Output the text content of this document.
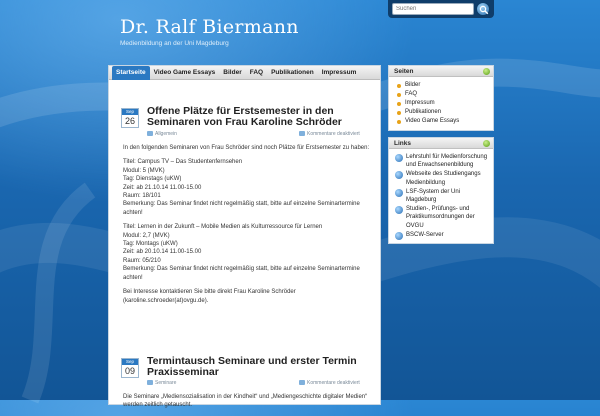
Dr. Ralf Biermann
Medienbildung an der Uni Magdeburg
Suchen
Startseite	Video Game Essays	Bilder	FAQ	Publikationen	Impressum
Sep
26
Offene Plätze für Erstsemester in den Seminaren von Frau Karoline Schröder
Allgemein	Kommentare deaktiviert

In den folgenden Seminaren von Frau Schröder sind noch Plätze für Erstsemester zu haben:

Titel: Campus TV – Das Studentenfernsehen
Modul: 5 (MVK)
Tag: Dienstags (uKW)
Zeit: ab 21.10.14 11.00-15.00
Raum: 18/101
Bemerkung: Das Seminar findet nicht regelmäßig statt, bitte auf einzelne Seminartermine achten!

Titel: Lernen in der Zukunft – Mobile Medien als Kulturressource für Lernen
Modul: 2,7 (MVK)
Tag: Montags (uKW)
Zeit: ab 20.10.14 11.00-15.00
Raum: 05/210
Bemerkung: Das Seminar findet nicht regelmäßig statt, bitte auf einzelne Seminartermine achten!

Bei Interesse kontaktieren Sie bitte direkt Frau Karoline Schröder (karoline.schroeder(at)ovgu.de).

Sep
09
Termintausch Seminare und erster Termin Praxisseminar
Seminare	Kommentare deaktiviert

Die Seminare „Mediensozialisation in der Kindheit“ und „Mediengeschichte digitaler Medien“ werden zeitlich getauscht.

Seiten
Bilder
FAQ
Impressum
Publikationen
Video Game Essays
Links
Lehrstuhl für Medienforschung und Erwachsenenbildung
Webseite des Studiengangs Medienbildung
LSF-System der Uni Magdeburg
Studien-, Prüfungs- und Praktikumsordnungen der OVGU
BSCW-Server
